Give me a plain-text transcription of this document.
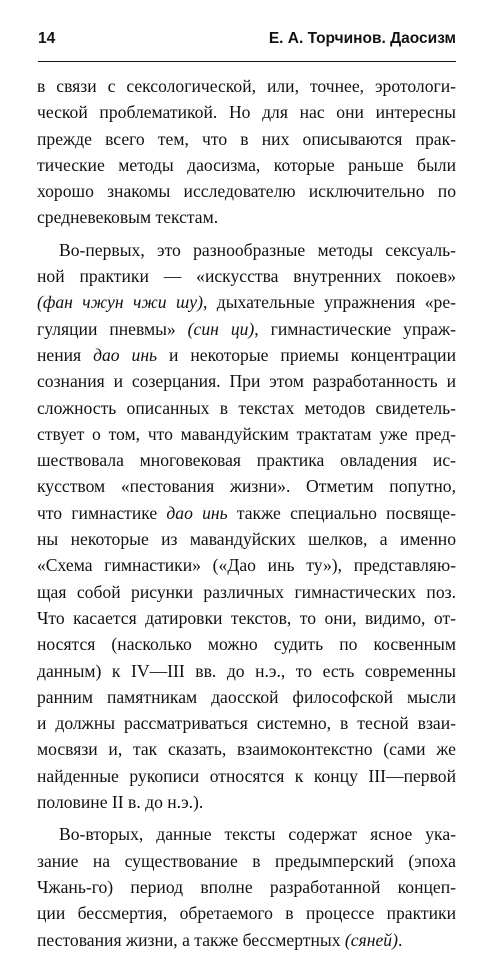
14	Е. А. Торчинов. Даосизм
в связи с сексологической, или, точнее, эротологи-
ческой проблематикой. Но для нас они интересны
прежде всего тем, что в них описываются прак-
тические методы даосизма, которые раньше были
хорошо знакомы исследователю исключительно по
средневековым текстам.
Во-первых, это разнообразные методы сексуаль-
ной практики — «искусства внутренних покоев»
(фан чжун чжи шу), дыхательные упражнения «ре-
гуляции пневмы» (син ци), гимнастические упраж-
нения дао инь и некоторые приемы концентрации
сознания и созерцания. При этом разработанность и
сложность описанных в текстах методов свидетель-
ствует о том, что мавандуйским трактатам уже пред-
шествовала многовековая практика овладения ис-
кусством «пестования жизни». Отметим попутно,
что гимнастике дао инь также специально посвяще-
ны некоторые из мавандуйских шелков, а именно
«Схема гимнастики» («Дао инь ту»), представляю-
щая собой рисунки различных гимнастических поз.
Что касается датировки текстов, то они, видимо, от-
носятся (насколько можно судить по косвенным
данным) к IV—III вв. до н.э., то есть современны
ранним памятникам даосской философской мысли
и должны рассматриваться системно, в тесной взаи-
мосвязи и, так сказать, взаимоконтекстно (сами же
найденные рукописи относятся к концу III—первой
половине II в. до н.э.).
Во-вторых, данные тексты содержат ясное ука-
зание на существование в предымперский (эпоха
Чжань-го) период вполне разработанной концеп-
ции бессмертия, обретаемого в процессе практики
пестования жизни, а также бессмертных (сяней).
